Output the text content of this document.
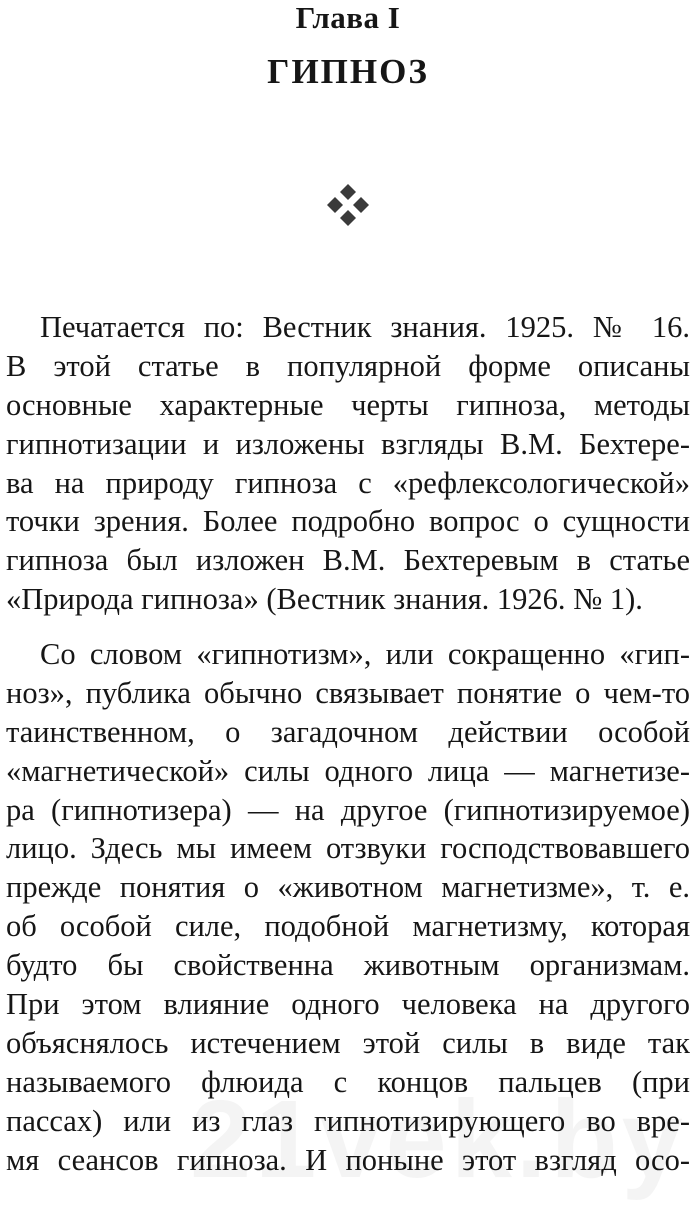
Глава I
ГИПНОЗ
Печатается по: Вестник знания. 1925. № 16.
В этой статье в популярной форме описаны
основные характерные черты гипноза, методы
гипнотизации и изложены взгляды В.М. Бехтере-
ва на природу гипноза с «рефлексологической»
точки зрения. Более подробно вопрос о сущности
гипноза был изложен В.М. Бехтеревым в статье
«Природа гипноза» (Вестник знания. 1926. № 1).
Со словом «гипнотизм», или сокращенно «гип-
ноз», публика обычно связывает понятие о чем-то
таинственном, о загадочном действии особой
«магнетической» силы одного лица — магнетизе-
ра (гипнотизера) — на другое (гипнотизируемое)
лицо. Здесь мы имеем отзвуки господствовавшего
прежде понятия о «животном магнетизме», т. е.
об особой силе, подобной магнетизму, которая
будто бы свойственна животным организмам.
При этом влияние одного человека на другого
объяснялось истечением этой силы в виде так
называемого флюида с концов пальцев (при
пассах) или из глаз гипнотизирующего во вре-
мя сеансов гипноза. И поныне этот взгляд осо-
